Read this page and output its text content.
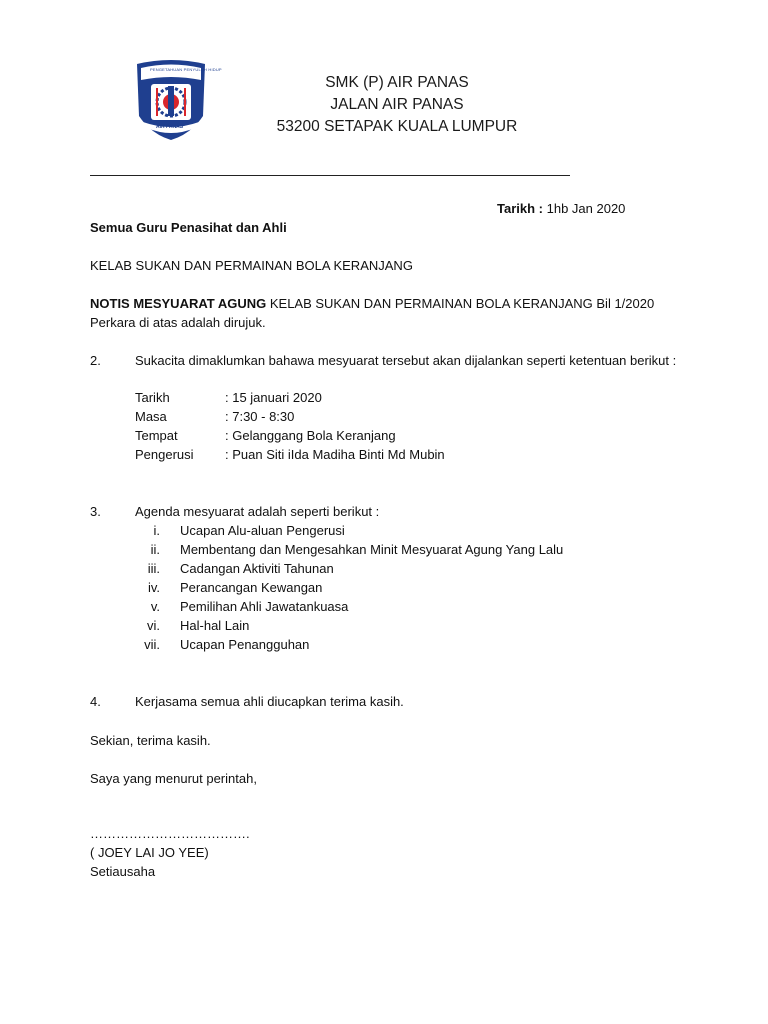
PENGETAHUAN PENYULUH HIDUP
AIR PANAS
SMK (P) AIR PANAS
JALAN AIR PANAS
53200 SETAPAK KUALA LUMPUR
Tarikh : 1hb Jan 2020
Semua Guru Penasihat dan Ahli
KELAB SUKAN DAN PERMAINAN BOLA KERANJANG
NOTIS MESYUARAT AGUNG KELAB SUKAN DAN PERMAINAN BOLA KERANJANG Bil 1/2020
Perkara di atas adalah dirujuk.
2.	Sukacita dimaklumkan bahawa mesyuarat tersebut akan dijalankan seperti ketentuan berikut :
Tarikh	: 15 januari 2020
Masa	: 7:30 - 8:30
Tempat	: Gelanggang Bola Keranjang
Pengerusi : Puan Siti iIda Madiha Binti Md Mubin
3.	Agenda mesyuarat adalah seperti berikut :
i. Ucapan Alu-aluan Pengerusi
ii. Membentang dan Mengesahkan Minit Mesyuarat Agung Yang Lalu
iii. Cadangan Aktiviti Tahunan
iv. Perancangan Kewangan
v. Pemilihan Ahli Jawatankuasa
vi. Hal-hal Lain
vii. Ucapan Penangguhan
4.	Kerjasama semua ahli diucapkan terima kasih.
Sekian, terima kasih.
Saya yang menurut perintah,
……………………………….
( JOEY LAI JO YEE)
Setiausaha
